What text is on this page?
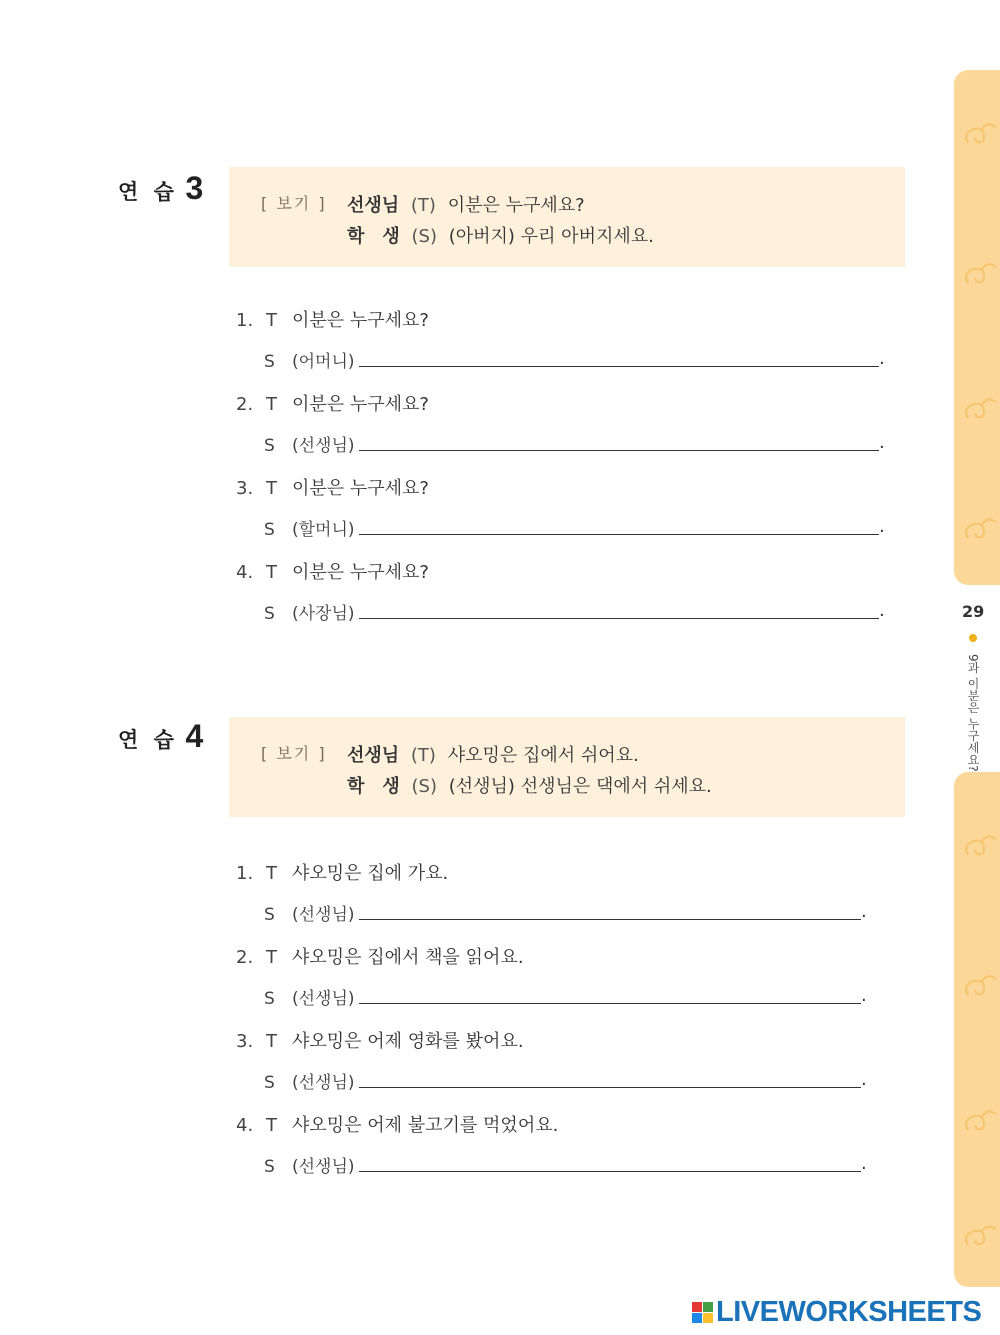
연 습 3	[ 보기 ] 선생님 (T) 이분은 누구세요?
학　생 (S) (아버지) 우리 아버지세요.
1. T 이분은 누구세요?
S (어머니)	.
2. T 이분은 누구세요?
S (선생님)	.
3. T 이분은 누구세요?
S (할머니)	.
4. T 이분은 누구세요?
S (사장님)	.
연 습 4	[ 보기 ] 선생님 (T) 샤오밍은 집에서 쉬어요.
학　생 (S) (선생님) 선생님은 댁에서 쉬세요.
1. T 샤오밍은 집에 가요.
S (선생님)	.
2. T 샤오밍은 집에서 책을 읽어요.
S (선생님)	.
3. T 샤오밍은 어제 영화를 봤어요.
S (선생님)	.
4. T 샤오밍은 어제 불고기를 먹었어요.
S (선생님)	.
29
9과 이분은 누구세요?
LIVEWORKSHEETS
